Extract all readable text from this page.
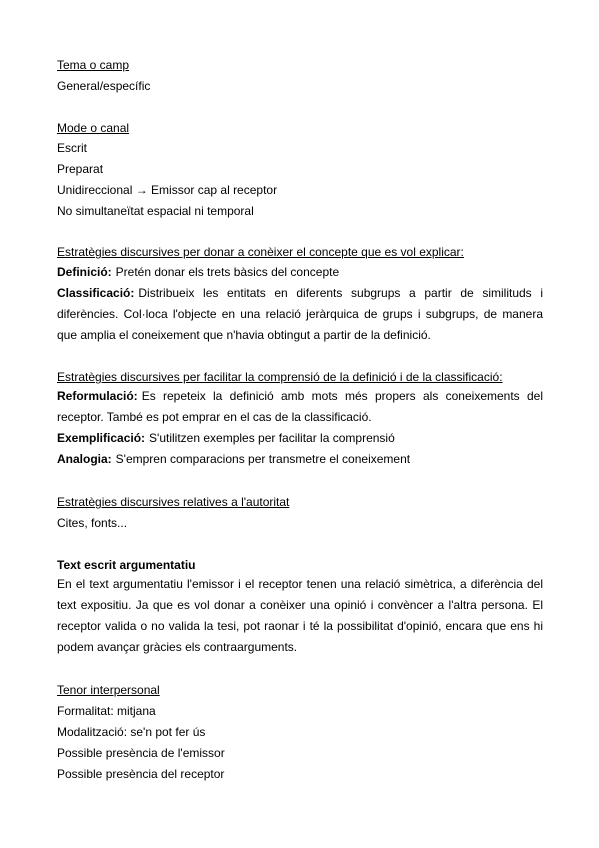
Tema o camp
General/específic
Mode o canal
Escrit
Preparat
Unidireccional → Emissor cap al receptor
No simultaneïtat espacial ni temporal
Estratègies discursives per donar a conèixer el concepte que es vol explicar:
Definició: Pretén donar els trets bàsics del concepte
Classificació: Distribueix les entitats en diferents subgrups a partir de similituds i diferències. Col·loca l'objecte en una relació jeràrquica de grups i subgrups, de manera que amplia el coneixement que n'havia obtingut a partir de la definició.
Estratègies discursives per facilitar la comprensió de la definició i de la classificació:
Reformulació: Es repeteix la definició amb mots més propers als coneixements del receptor. També es pot emprar en el cas de la classificació.
Exemplificació: S'utilitzen exemples per facilitar la comprensió
Analogia: S'empren comparacions per transmetre el coneixement
Estratègies discursives relatives a l'autoritat
Cites, fonts...
Text escrit argumentatiu
En el text argumentatiu l'emissor i el receptor tenen una relació simètrica, a diferència del text expositiu. Ja que es vol donar a conèixer una opinió i convèncer a l'altra persona. El receptor valida o no valida la tesi, pot raonar i té la possibilitat d'opinió, encara que ens hi podem avançar gràcies els contraarguments.
Tenor interpersonal
Formalitat: mitjana
Modalització: se'n pot fer ús
Possible presència de l'emissor
Possible presència del receptor
